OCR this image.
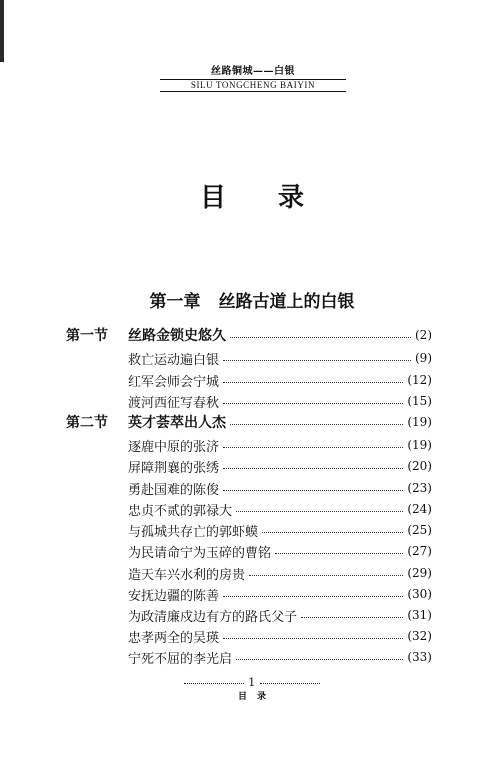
丝路铜城——白银
SILU TONGCHENG BAIYIN
目录
第一章 丝路古道上的白银
第一节	丝路金锁史悠久	(2)
救亡运动遍白银	(9)
红军会师会宁城	(12)
渡河西征写春秋	(15)
第二节	英才荟萃出人杰	(19)
逐鹿中原的张济	(19)
屏障荆襄的张绣	(20)
勇赴国难的陈俊	(23)
忠贞不贰的郭禄大	(24)
与孤城共存亡的郭虾蟆	(25)
为民请命宁为玉碎的曹铭	(27)
造天车兴水利的房贵	(29)
安抚边疆的陈善	(30)
为政清廉戍边有方的路氏父子	(31)
忠孝两全的吴瑛	(32)
宁死不屈的李光启	(33)
1
目录
